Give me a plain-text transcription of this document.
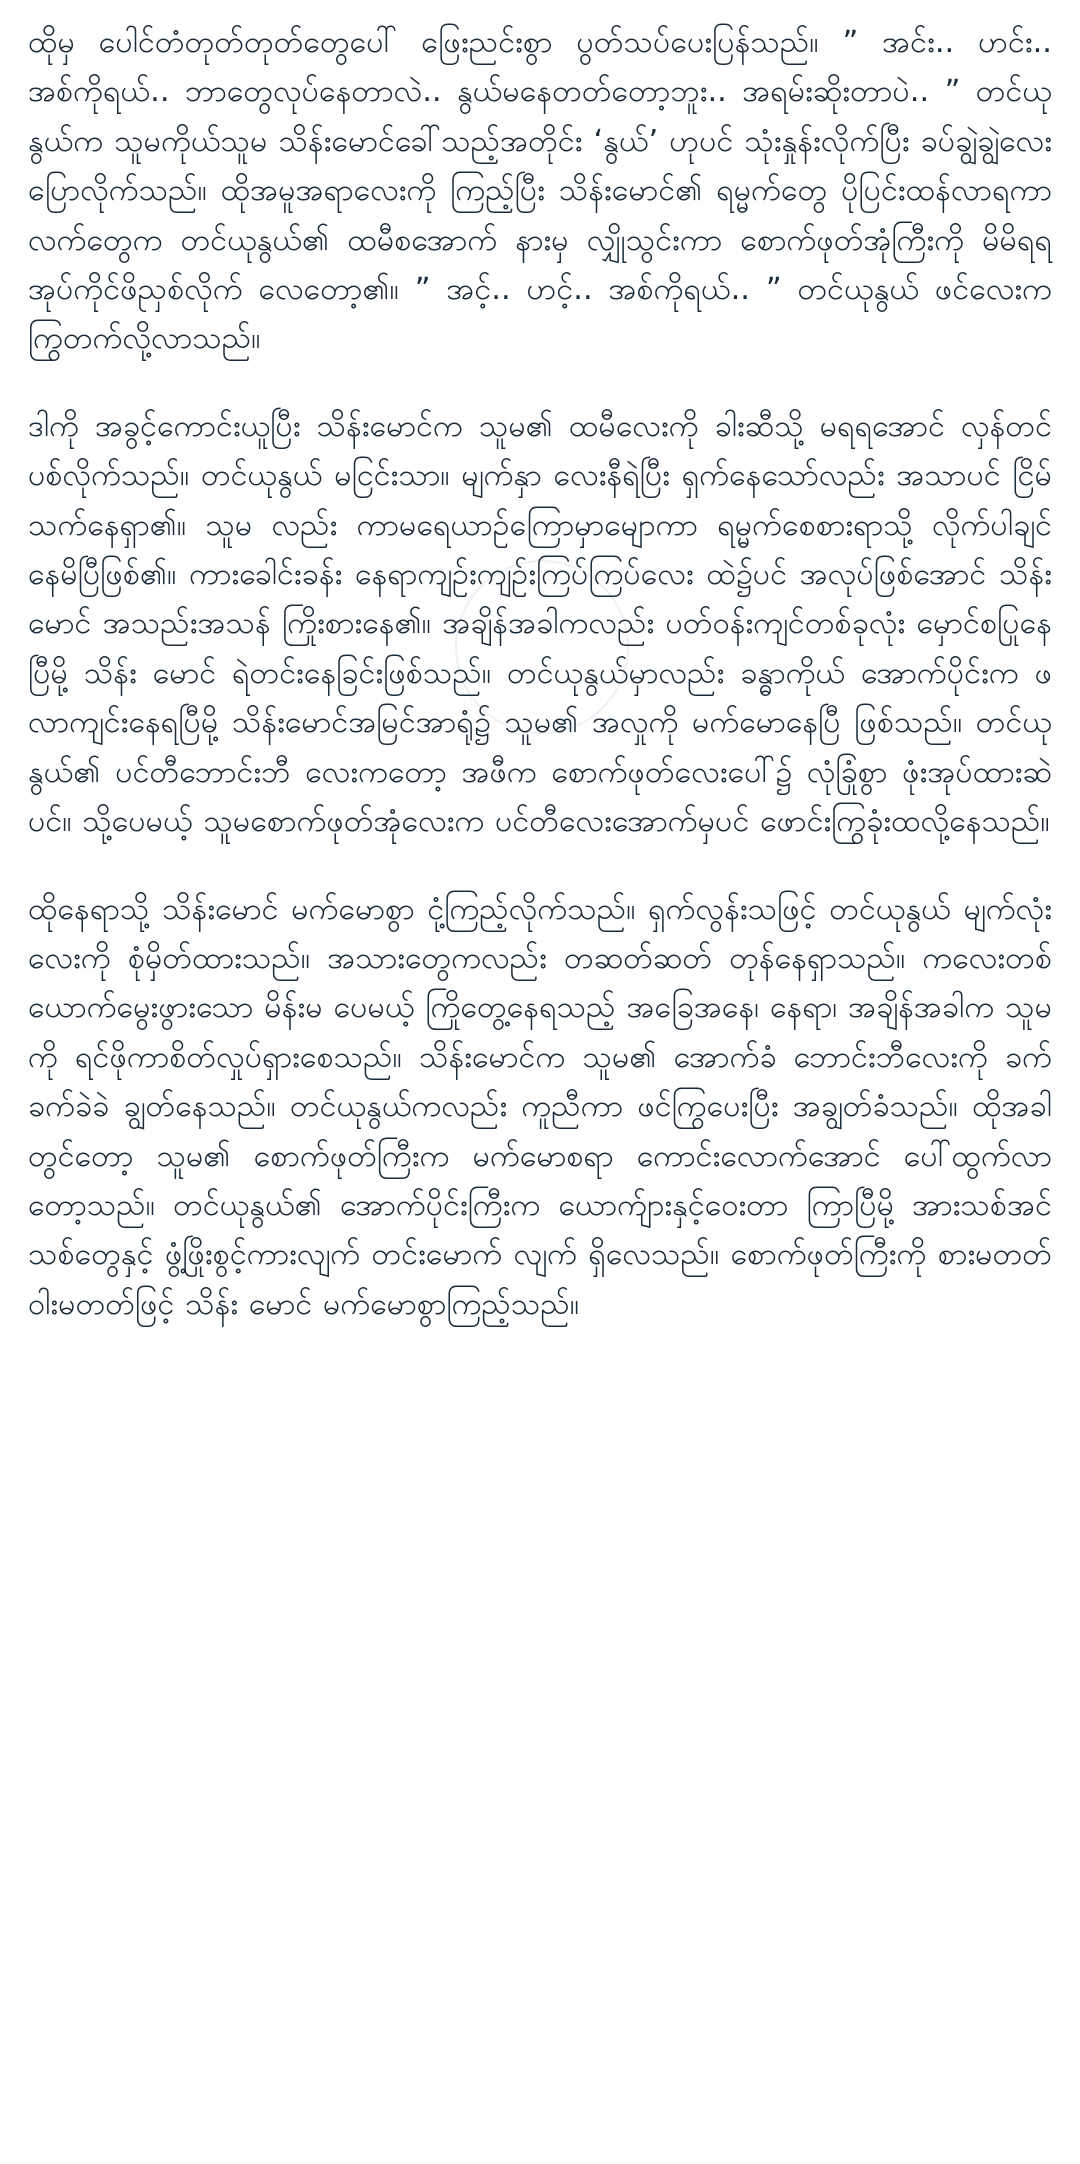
ထိုမှ ပေါင်တံတုတ်တုတ်တွေပေါ် ဖြေးညင်းစွာ ပွတ်သပ်ပေးပြန်သည်။ ” အင်း.. ဟင်း.. အစ်ကိုရယ်.. ဘာတွေလုပ်နေတာလဲ.. နွယ်မနေတတ်တော့ဘူး.. အရမ်းဆိုးတာပဲ.. ” တင်ယုနွယ်က သူမကိုယ်သူမ သိန်းမောင်ခေါ်သည့်အတိုင်း ‘နွယ်’ ဟုပင် သုံးနှုန်းလိုက်ပြီး ခပ်ချွဲချွဲလေး ပြောလိုက်သည်။ ထိုအမူအရာလေးကို ကြည့်ပြီး သိန်းမောင်၏ ရမ္မက်တွေ ပိုပြင်းထန်လာရကာ လက်တွေက တင်ယုနွယ်၏ ထမီစအောက် နားမှ လျှိုသွင်းကာ စောက်ဖုတ်အုံကြီးကို မိမိရရ အုပ်ကိုင်ဖိညှစ်လိုက် လေတော့၏။ ” အင့်.. ဟင့်.. အစ်ကိုရယ်.. ” တင်ယုနွယ် ဖင်လေးက ကြွတက်လို့လာသည်။

ဒါကို အခွင့်ကောင်းယူပြီး သိန်းမောင်က သူမ၏ ထမီလေးကို ခါးဆီသို့ မရရအောင် လှန်တင်ပစ်လိုက်သည်။ တင်ယုနွယ် မငြင်းသာ။ မျက်နှာ လေးနီရဲပြီး ရှက်နေသော်လည်း အသာပင် ငြိမ်သက်နေရှာ၏။ သူမ လည်း ကာမရေယာဉ်ကြောမှာမျောကာ ရမ္မက်စေစားရာသို့ လိုက်ပါချင် နေမိပြီဖြစ်၏။ ကားခေါင်းခန်း နေရာကျဉ်းကျဉ်းကြပ်ကြပ်လေး ထဲ၌ပင် အလုပ်ဖြစ်အောင် သိန်းမောင် အသည်းအသန် ကြိုးစားနေ၏။ အချိန်အခါကလည်း ပတ်ဝန်းကျင်တစ်ခုလုံး မှောင်စပြုနေပြီမို့ သိန်း မောင် ရဲတင်းနေခြင်းဖြစ်သည်။ တင်ယုနွယ်မှာလည်း ခန္ဓာကိုယ် အောက်ပိုင်းက ဖလာကျင်းနေရပြီမို့ သိန်းမောင်အမြင်အာရုံ၌ သူမ၏ အလှုကို မက်မောနေပြီ ဖြစ်သည်။ တင်ယုနွယ်၏ ပင်တီဘောင်းဘီ လေးကတော့ အဖီက စောက်ဖုတ်လေးပေါ်၌ လုံခြုံစွာ ဖုံးအုပ်ထားဆဲ ပင်။ သို့ပေမယ့် သူမစောက်ဖုတ်အုံလေးက ပင်တီလေးအောက်မှပင် ဖောင်းကြွခုံးထလို့နေသည်။

ထိုနေရာသို့ သိန်းမောင် မက်မောစွာ ငုံ့ကြည့်လိုက်သည်။ ရှက်လွန်းသဖြင့် တင်ယုနွယ် မျက်လုံးလေးကို စုံမှိတ်ထားသည်။ အသားတွေကလည်း တဆတ်ဆတ် တုန်နေရှာသည်။ ကလေးတစ်ယောက်မွေးဖွားသော မိန်းမ ပေမယ့် ကြိုတွေ့နေရသည့် အခြေအနေ၊ နေရာ၊ အချိန်အခါက သူမကို ရင်ဖိုကာစိတ်လှုပ်ရှားစေသည်။ သိန်းမောင်က သူမ၏ အောက်ခံ ဘောင်းဘီလေးကို ခက်ခက်ခဲခဲ ချွတ်နေသည်။ တင်ယုနွယ်ကလည်း ကူညီကာ ဖင်ကြွပေးပြီး အချွတ်ခံသည်။ ထိုအခါတွင်တော့ သူမ၏ စောက်ဖုတ်ကြီးက မက်မောစရာ ကောင်းလောက်အောင် ပေါ်ထွက်လာ တော့သည်။ တင်ယုနွယ်၏ အောက်ပိုင်းကြီးက ယောက်ျားနှင့်ဝေးတာ ကြာပြီမို့ အားသစ်အင်သစ်တွေနှင့် ဖွံ့ဖြိုးစွင့်ကားလျက် တင်းမောက် လျက် ရှိလေသည်။ စောက်ဖုတ်ကြီးကို စားမတတ် ဝါးမတတ်ဖြင့် သိန်း မောင် မက်မောစွာကြည့်သည်။
